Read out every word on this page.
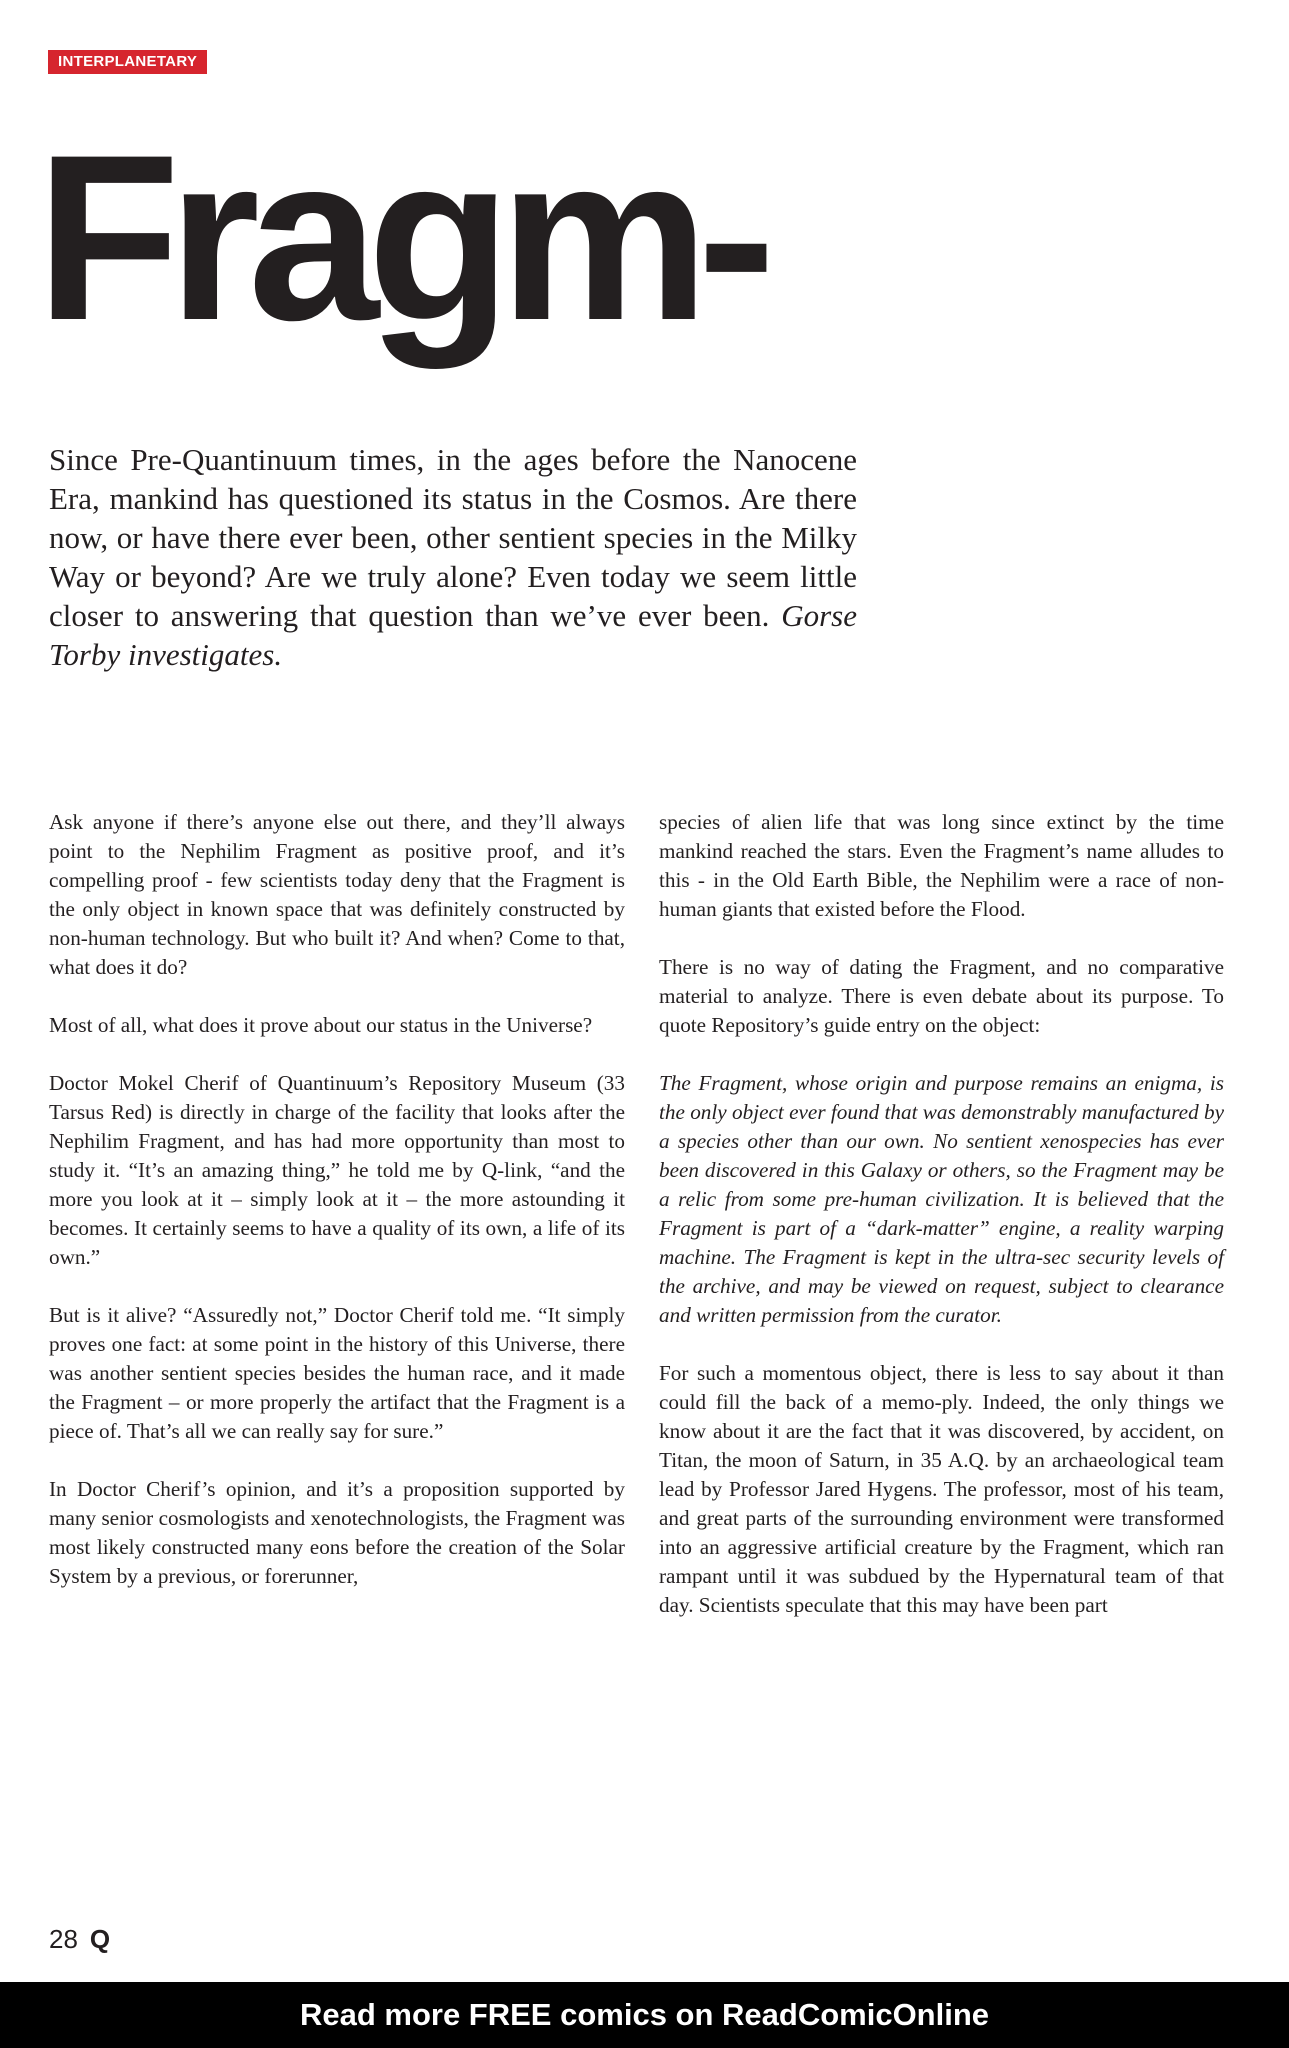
INTERPLANETARY
Fragm-

Since Pre-Quantinuum times, in the ages before the Nanocene Era, mankind has questioned its status in the Cosmos. Are there now, or have there ever been, other sentient species in the Milky Way or beyond? Are we truly alone? Even today we seem little closer to answering that question than we’ve ever been. Gorse Torby investigates.

Ask anyone if there’s anyone else out there, and they’ll always point to the Nephilim Fragment as positive proof, and it’s compelling proof - few scientists today deny that the Fragment is the only object in known space that was definitely constructed by non-human technology. But who built it? And when? Come to that, what does it do?

Most of all, what does it prove about our status in the Universe?

Doctor Mokel Cherif of Quantinuum’s Repository Museum (33 Tarsus Red) is directly in charge of the facility that looks after the Nephilim Fragment, and has had more opportunity than most to study it. “It’s an amazing thing,” he told me by Q-link, “and the more you look at it – simply look at it – the more astounding it becomes. It certainly seems to have a quality of its own, a life of its own.”

But is it alive? “Assuredly not,” Doctor Cherif told me. “It simply proves one fact: at some point in the history of this Universe, there was another sentient species besides the human race, and it made the Fragment – or more properly the artifact that the Fragment is a piece of. That’s all we can really say for sure.”

In Doctor Cherif’s opinion, and it’s a proposition supported by many senior cosmologists and xenotechnologists, the Fragment was most likely constructed many eons before the creation of the Solar System by a previous, or forerunner,

species of alien life that was long since extinct by the time mankind reached the stars. Even the Fragment’s name alludes to this - in the Old Earth Bible, the Nephilim were a race of non-human giants that existed before the Flood.

There is no way of dating the Fragment, and no comparative material to analyze. There is even debate about its purpose. To quote Repository’s guide entry on the object:

The Fragment, whose origin and purpose remains an enigma, is the only object ever found that was demonstrably manufactured by a species other than our own. No sentient xenospecies has ever been discovered in this Galaxy or others, so the Fragment may be a relic from some pre-human civilization. It is believed that the Fragment is part of a “dark-matter” engine, a reality warping machine. The Fragment is kept in the ultra-sec security levels of the archive, and may be viewed on request, subject to clearance and written permission from the curator.

For such a momentous object, there is less to say about it than could fill the back of a memo-ply. Indeed, the only things we know about it are the fact that it was discovered, by accident, on Titan, the moon of Saturn, in 35 A.Q. by an archaeological team lead by Professor Jared Hygens. The professor, most of his team, and great parts of the surrounding environment were transformed into an aggressive artificial creature by the Fragment, which ran rampant until it was subdued by the Hypernatural team of that day. Scientists speculate that this may have been part

28 Q
Read more FREE comics on ReadComicOnline
